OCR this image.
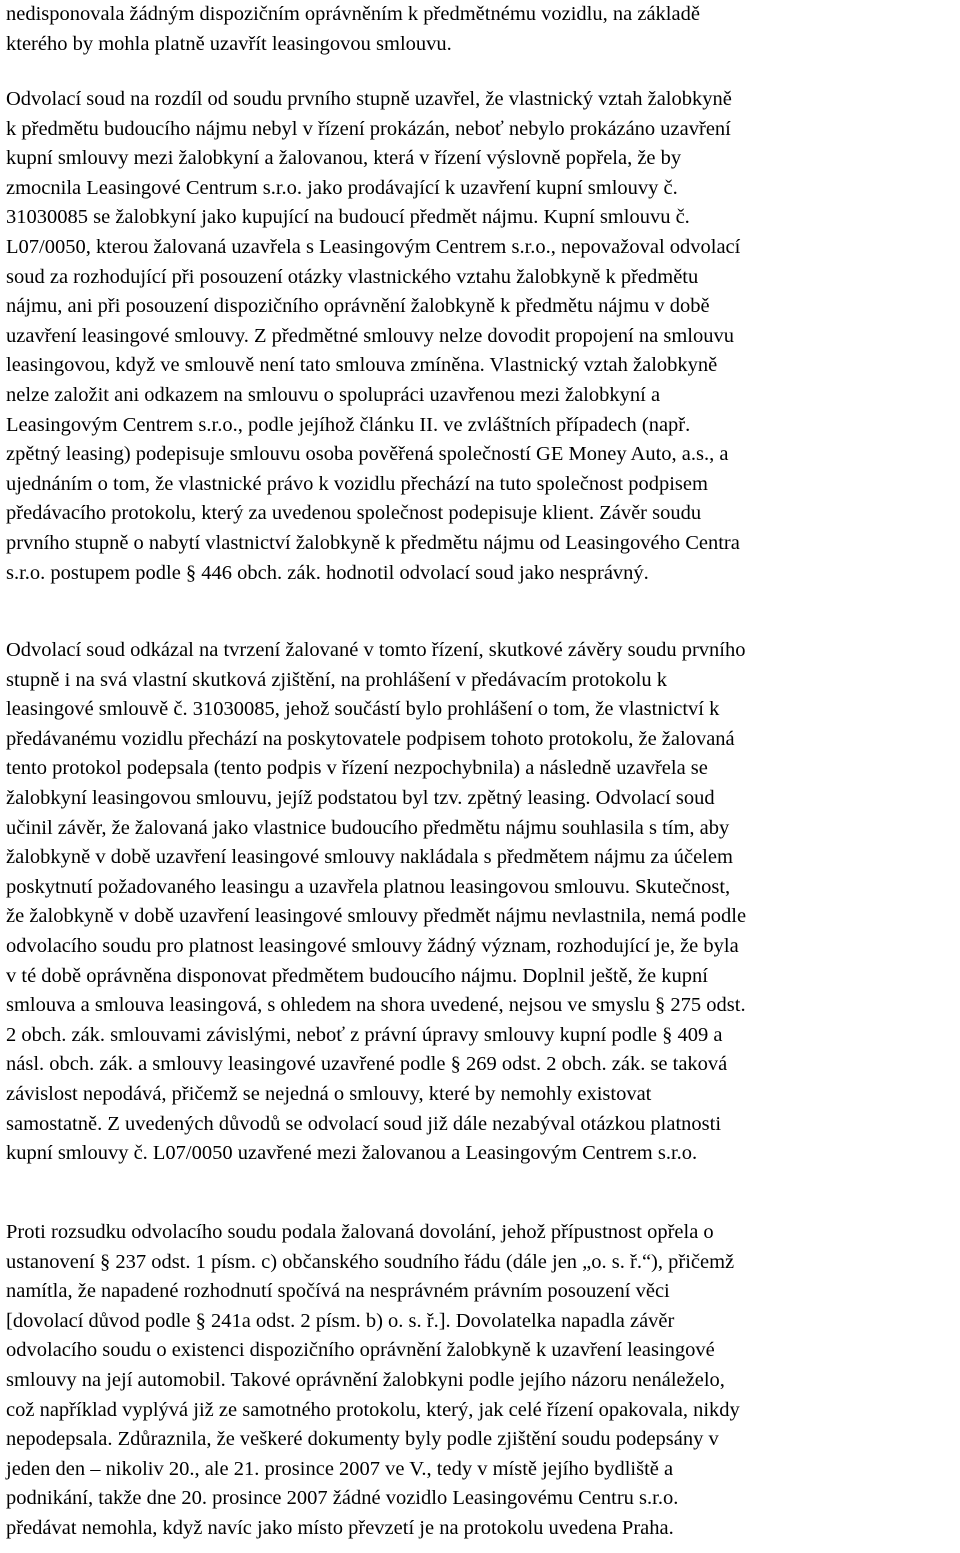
nedisponovala žádným dispozičním oprávněním k předmětnému vozidlu, na základě
kterého by mohla platně uzavřít leasingovou smlouvu.
Odvolací soud na rozdíl od soudu prvního stupně uzavřel, že vlastnický vztah žalobkyně
k předmětu budoucího nájmu nebyl v řízení prokázán, neboť nebylo prokázáno uzavření
kupní smlouvy mezi žalobkyní a žalovanou, která v řízení výslovně popřela, že by
zmocnila Leasingové Centrum s.r.o. jako prodávající k uzavření kupní smlouvy č.
31030085 se žalobkyní jako kupující na budoucí předmět nájmu. Kupní smlouvu č.
L07/0050, kterou žalovaná uzavřela s Leasingovým Centrem s.r.o., nepovažoval odvolací
soud za rozhodující při posouzení otázky vlastnického vztahu žalobkyně k předmětu
nájmu, ani při posouzení dispozičního oprávnění žalobkyně k předmětu nájmu v době
uzavření leasingové smlouvy. Z předmětné smlouvy nelze dovodit propojení na smlouvu
leasingovou, když ve smlouvě není tato smlouva zmíněna. Vlastnický vztah žalobkyně
nelze založit ani odkazem na smlouvu o spolupráci uzavřenou mezi žalobkyní a
Leasingovým Centrem s.r.o., podle jejíhož článku II. ve zvláštních případech (např.
zpětný leasing) podepisuje smlouvu osoba pověřená společností GE Money Auto, a.s., a
ujednáním o tom, že vlastnické právo k vozidlu přechází na tuto společnost podpisem
předávacího protokolu, který za uvedenou společnost podepisuje klient. Závěr soudu
prvního stupně o nabytí vlastnictví žalobkyně k předmětu nájmu od Leasingového Centra
s.r.o. postupem podle § 446 obch. zák. hodnotil odvolací soud jako nesprávný.
Odvolací soud odkázal na tvrzení žalované v tomto řízení, skutkové závěry soudu prvního
stupně i na svá vlastní skutková zjištění, na prohlášení v předávacím protokolu k
leasingové smlouvě č. 31030085, jehož součástí bylo prohlášení o tom, že vlastnictví k
předávanému vozidlu přechází na poskytovatele podpisem tohoto protokolu, že žalovaná
tento protokol podepsala (tento podpis v řízení nezpochybnila) a následně uzavřela se
žalobkyní leasingovou smlouvu, jejíž podstatou byl tzv. zpětný leasing. Odvolací soud
učinil závěr, že žalovaná jako vlastnice budoucího předmětu nájmu souhlasila s tím, aby
žalobkyně v době uzavření leasingové smlouvy nakládala s předmětem nájmu za účelem
poskytnutí požadovaného leasingu a uzavřela platnou leasingovou smlouvu. Skutečnost,
že žalobkyně v době uzavření leasingové smlouvy předmět nájmu nevlastnila, nemá podle
odvolacího soudu pro platnost leasingové smlouvy žádný význam, rozhodující je, že byla
v té době oprávněna disponovat předmětem budoucího nájmu. Doplnil ještě, že kupní
smlouva a smlouva leasingová, s ohledem na shora uvedené, nejsou ve smyslu § 275 odst.
2 obch. zák. smlouvami závislými, neboť z právní úpravy smlouvy kupní podle § 409 a
násl. obch. zák. a smlouvy leasingové uzavřené podle § 269 odst. 2 obch. zák. se taková
závislost nepodává, přičemž se nejedná o smlouvy, které by nemohly existovat
samostatně. Z uvedených důvodů se odvolací soud již dále nezabýval otázkou platnosti
kupní smlouvy č. L07/0050 uzavřené mezi žalovanou a Leasingovým Centrem s.r.o.
Proti rozsudku odvolacího soudu podala žalovaná dovolání, jehož přípustnost opřela o
ustanovení § 237 odst. 1 písm. c) občanského soudního řádu (dále jen „o. s. ř.“), přičemž
namítla, že napadené rozhodnutí spočívá na nesprávném právním posouzení věci
[dovolací důvod podle § 241a odst. 2 písm. b) o. s. ř.]. Dovolatelka napadla závěr
odvolacího soudu o existenci dispozičního oprávnění žalobkyně k uzavření leasingové
smlouvy na její automobil. Takové oprávnění žalobkyni podle jejího názoru nenáleželo,
což například vyplývá již ze samotného protokolu, který, jak celé řízení opakovala, nikdy
nepodepsala. Zdůraznila, že veškeré dokumenty byly podle zjištění soudu podepsány v
jeden den – nikoliv 20., ale 21. prosince 2007 ve V., tedy v místě jejího bydliště a
podnikání, takže dne 20. prosince 2007 žádné vozidlo Leasingovému Centru s.r.o.
předávat nemohla, když navíc jako místo převzetí je na protokolu uvedena Praha.
